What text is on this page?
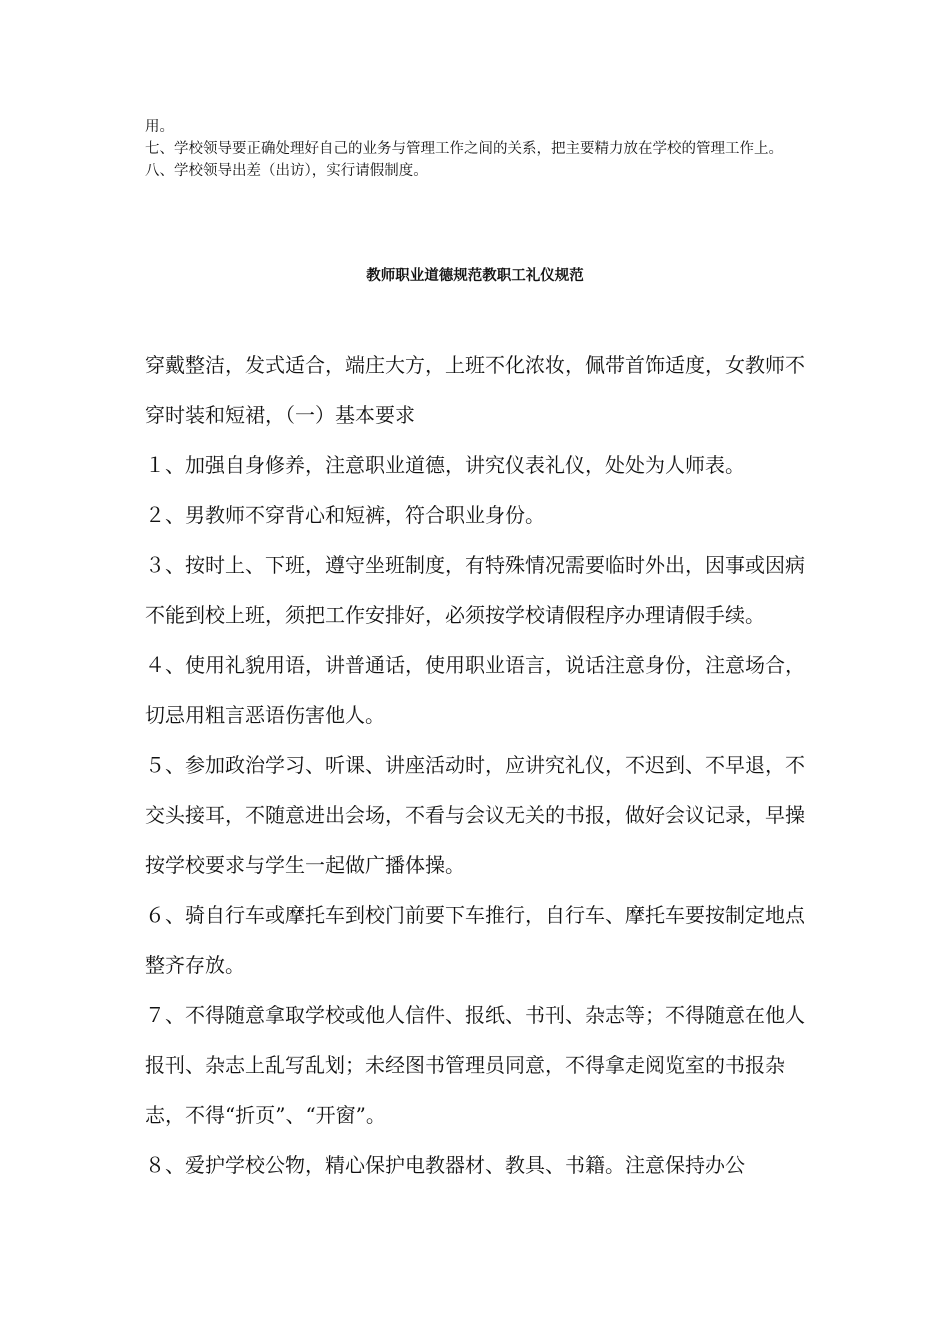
用。

七、学校领导要正确处理好自己的业务与管理工作之间的关系，把主要精力放在学校的管理工作上。

八、学校领导出差（出访），实行请假制度。

教师职业道德规范教职工礼仪规范

穿戴整洁，发式适合，端庄大方，上班不化浓妆，佩带首饰适度，女教师不穿时装和短裙，（一）基本要求

１、加强自身修养，注意职业道德，讲究仪表礼仪，处处为人师表。

２、男教师不穿背心和短裤，符合职业身份。

３、按时上、下班，遵守坐班制度，有特殊情况需要临时外出，因事或因病不能到校上班，须把工作安排好，必须按学校请假程序办理请假手续。

４、使用礼貌用语，讲普通话，使用职业语言，说话注意身份，注意场合，切忌用粗言恶语伤害他人。

５、参加政治学习、听课、讲座活动时，应讲究礼仪，不迟到、不早退，不交头接耳，不随意进出会场，不看与会议无关的书报，做好会议记录，早操按学校要求与学生一起做广播体操。

６、骑自行车或摩托车到校门前要下车推行，自行车、摩托车要按制定地点整齐存放。

７、不得随意拿取学校或他人信件、报纸、书刊、杂志等；不得随意在他人报刊、杂志上乱写乱划；未经图书管理员同意，不得拿走阅览室的书报杂志，不得“折页”、“开窗”。

８、爱护学校公物，精心保护电教器材、教具、书籍。注意保持办公
